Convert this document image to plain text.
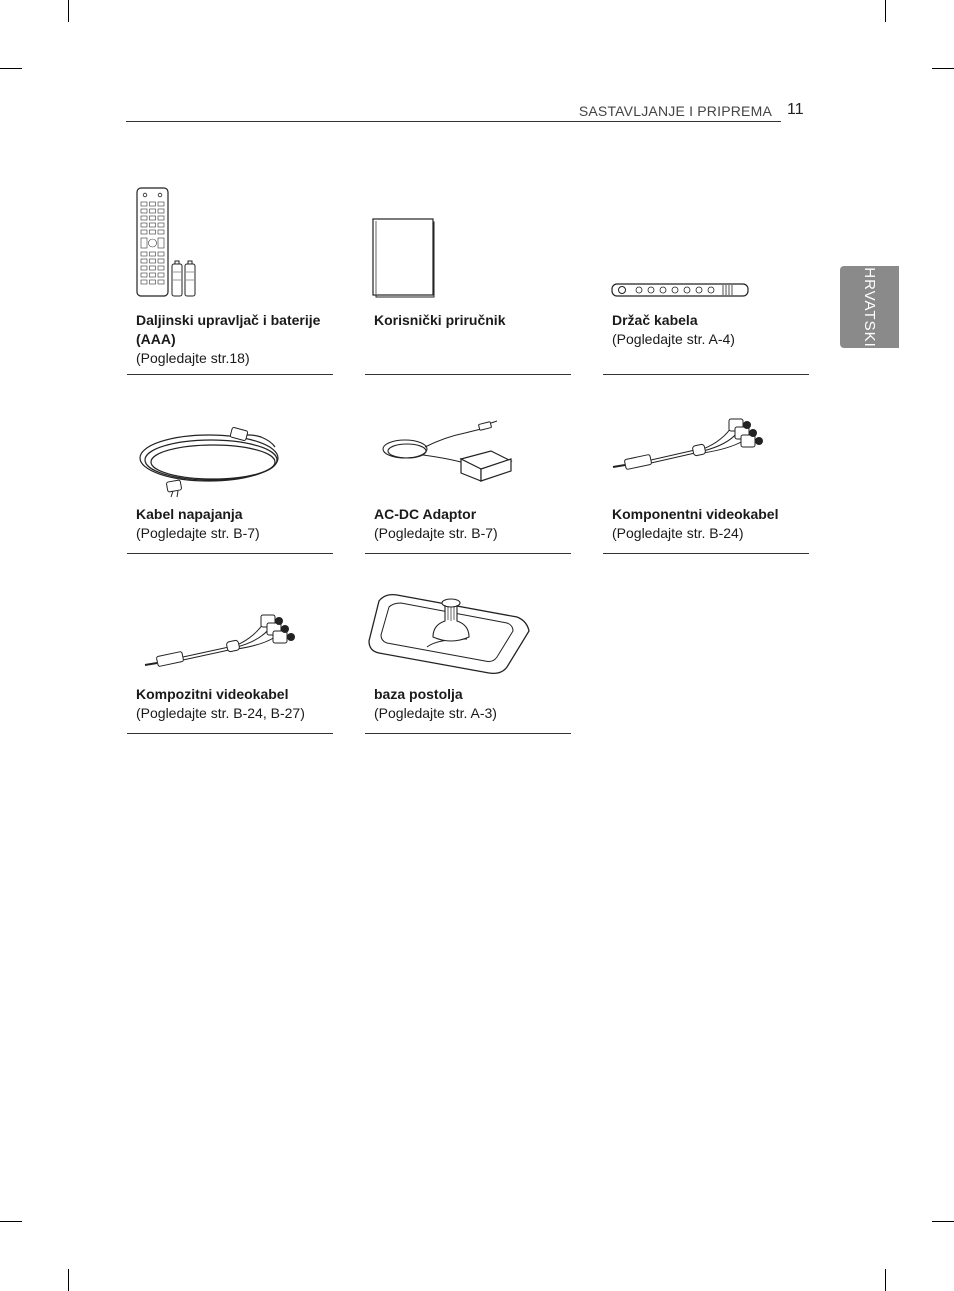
SASTAVLJANJE I PRIPREMA 11
HRVATSKI
Daljinski upravljač i baterije (AAA)
(Pogledajte str.18)
Korisnički priručnik	Držač kabela
(Pogledajte str. A-4)
Kabel napajanja
(Pogledajte str. B-7)
AC-DC Adaptor
(Pogledajte str. B-7)
Komponentni videokabel
(Pogledajte str. B-24)
Kompozitni videokabel
(Pogledajte str. B-24, B-27)
baza postolja
(Pogledajte str. A-3)
